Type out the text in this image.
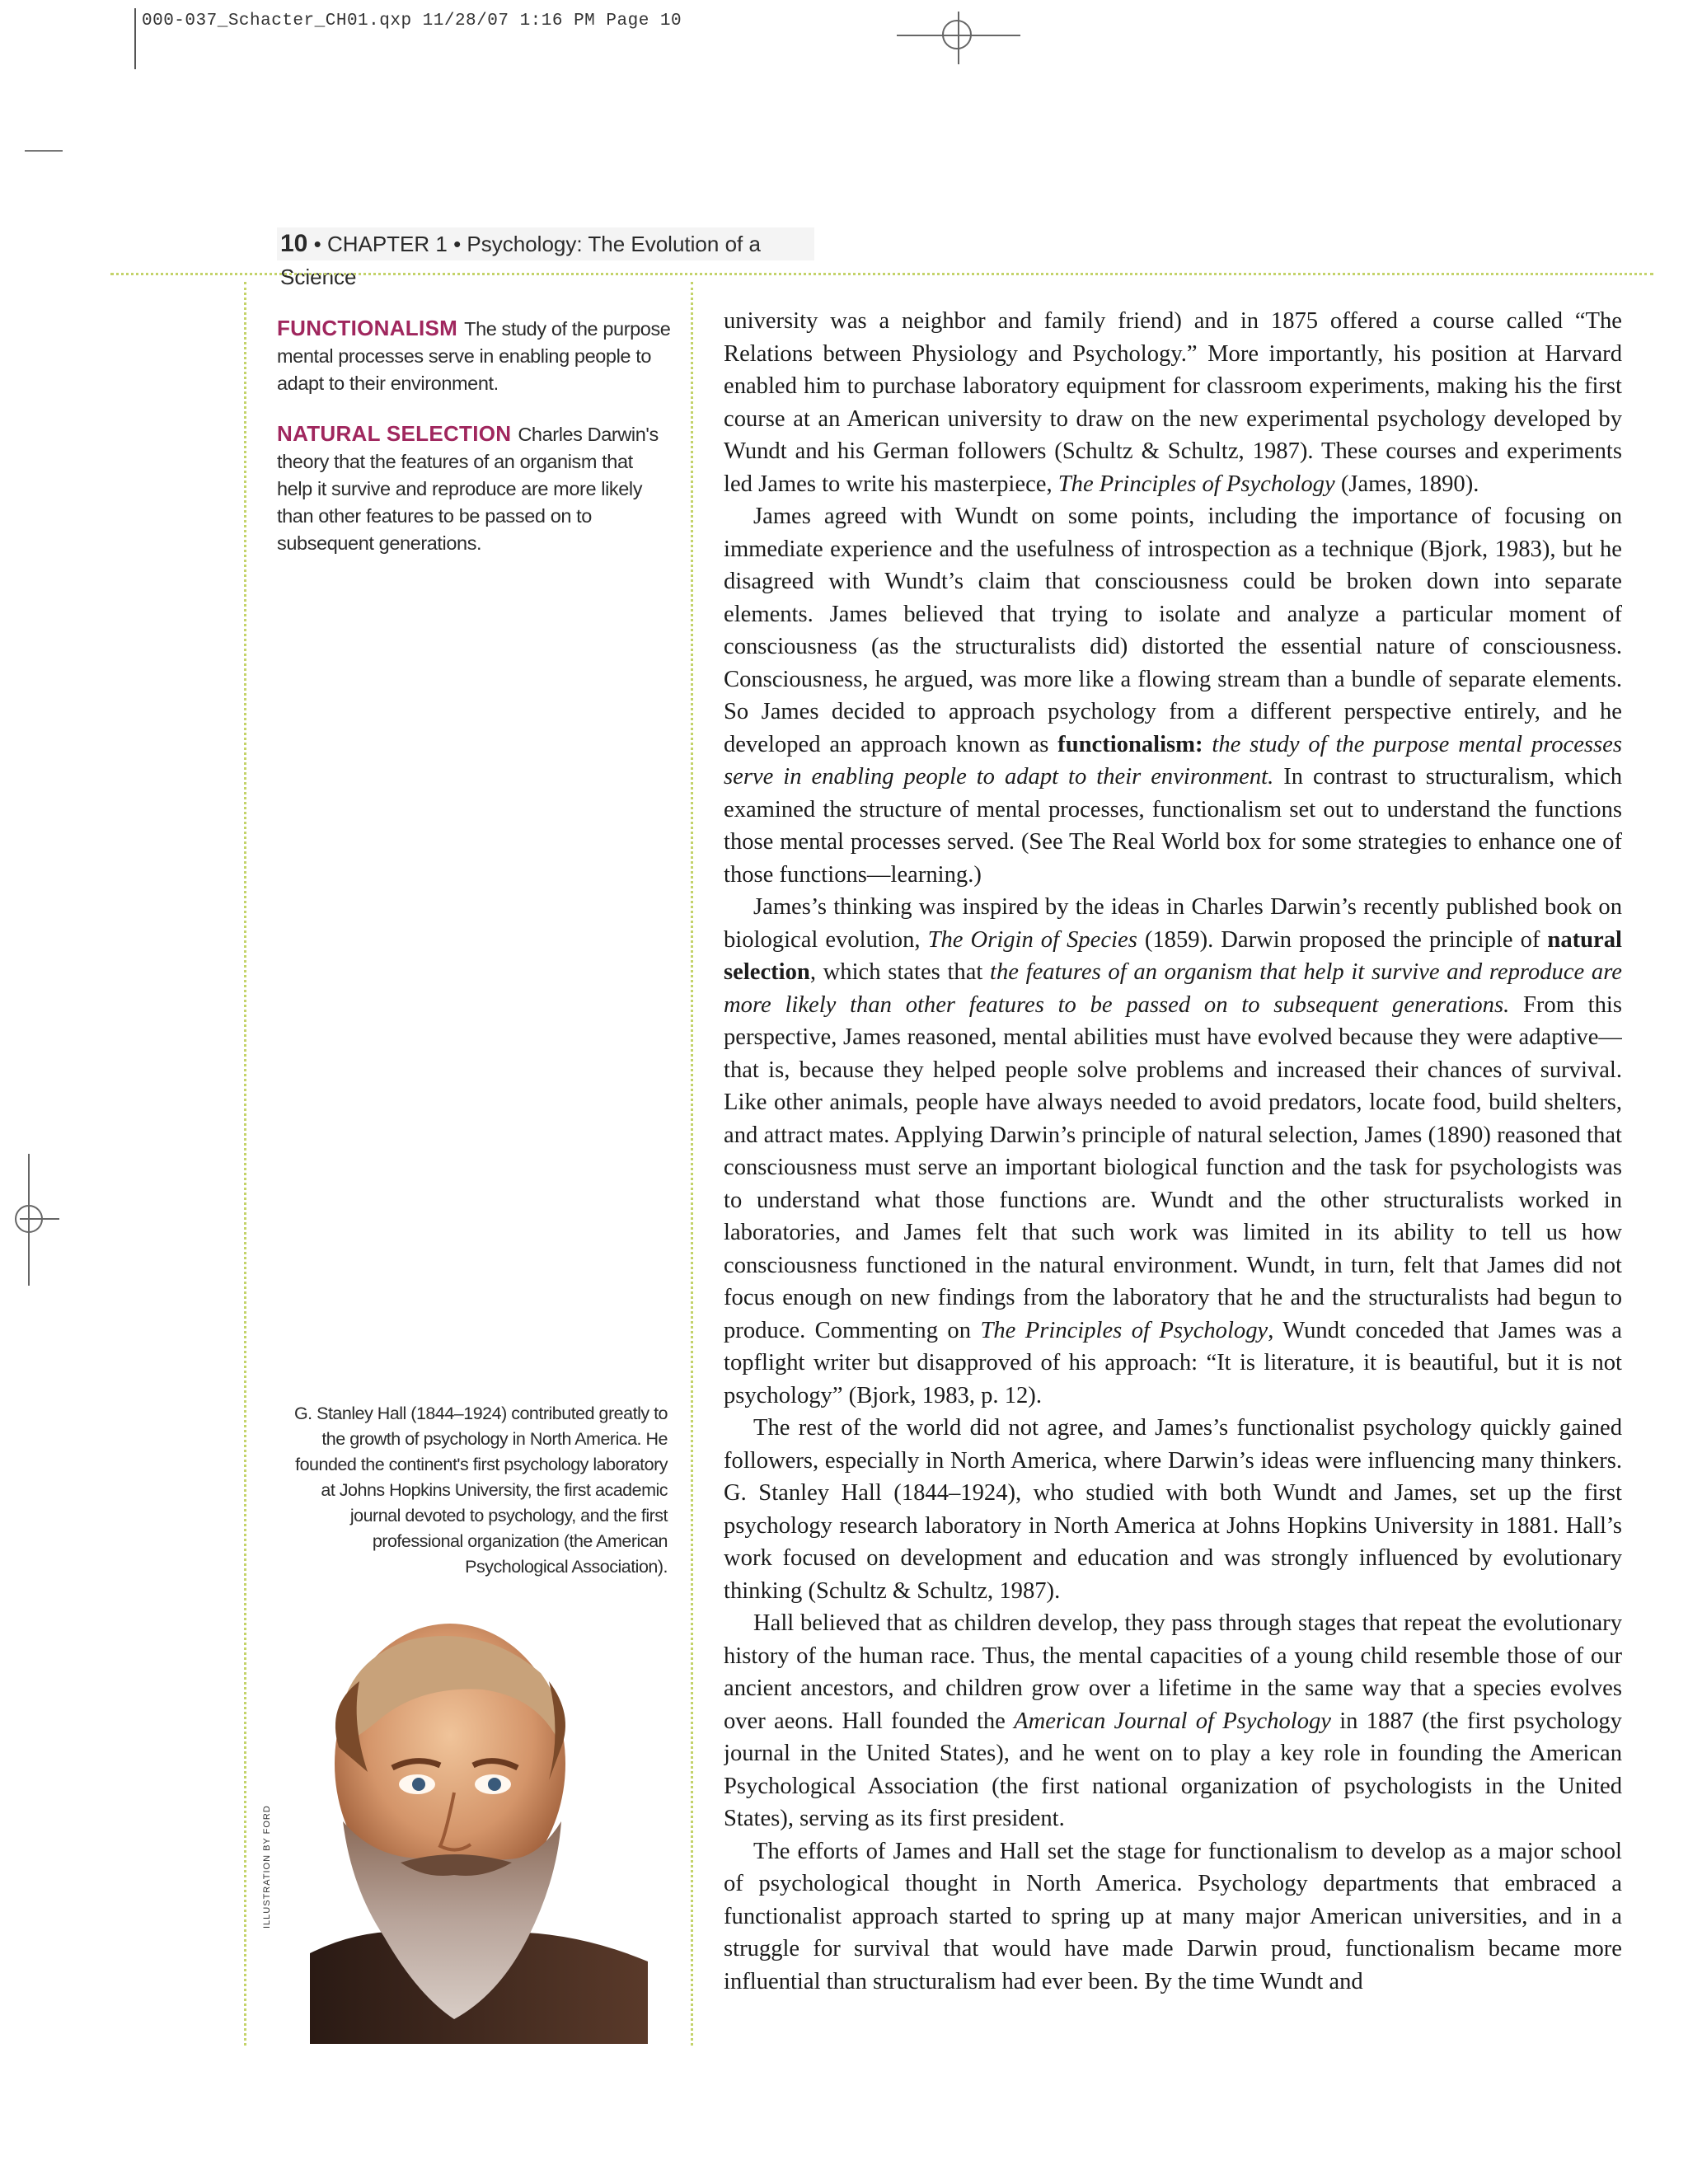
000-037_Schacter_CH01.qxp 11/28/07 1:16 PM Page 10
10 • CHAPTER 1 • Psychology: The Evolution of a Science

FUNCTIONALISM The study of the purpose mental processes serve in enabling people to adapt to their environment.

NATURAL SELECTION Charles Darwin's theory that the features of an organism that help it survive and reproduce are more likely than other features to be passed on to subsequent generations.

G. Stanley Hall (1844–1924) contributed greatly to the growth of psychology in North America. He founded the continent's first psychology laboratory at Johns Hopkins University, the first academic journal devoted to psychology, and the first professional organization (the American Psychological Association).
ILLUSTRATION BY FORD

university was a neighbor and family friend) and in 1875 offered a course called “The Relations between Physiology and Psychology.” More importantly, his position at Harvard enabled him to purchase laboratory equipment for classroom experiments, making his the first course at an American university to draw on the new experimental psychology developed by Wundt and his German followers (Schultz & Schultz, 1987). These courses and experiments led James to write his masterpiece, The Principles of Psychology (James, 1890).

James agreed with Wundt on some points, including the importance of focusing on immediate experience and the usefulness of introspection as a technique (Bjork, 1983), but he disagreed with Wundt’s claim that consciousness could be broken down into separate elements. James believed that trying to isolate and analyze a particular moment of consciousness (as the structuralists did) distorted the essential nature of consciousness. Consciousness, he argued, was more like a flowing stream than a bundle of separate elements. So James decided to approach psychology from a different perspective entirely, and he developed an approach known as functionalism: the study of the purpose mental processes serve in enabling people to adapt to their environment. In contrast to structuralism, which examined the structure of mental processes, functionalism set out to understand the functions those mental processes served. (See The Real World box for some strategies to enhance one of those functions—learning.)

James’s thinking was inspired by the ideas in Charles Darwin’s recently published book on biological evolution, The Origin of Species (1859). Darwin proposed the principle of natural selection, which states that the features of an organism that help it survive and reproduce are more likely than other features to be passed on to subsequent generations. From this perspective, James reasoned, mental abilities must have evolved because they were adaptive—that is, because they helped people solve problems and increased their chances of survival. Like other animals, people have always needed to avoid predators, locate food, build shelters, and attract mates. Applying Darwin’s principle of natural selection, James (1890) reasoned that consciousness must serve an important biological function and the task for psychologists was to understand what those functions are. Wundt and the other structuralists worked in laboratories, and James felt that such work was limited in its ability to tell us how consciousness functioned in the natural environment. Wundt, in turn, felt that James did not focus enough on new findings from the laboratory that he and the structuralists had begun to produce. Commenting on The Principles of Psychology, Wundt conceded that James was a topflight writer but disapproved of his approach: “It is literature, it is beautiful, but it is not psychology” (Bjork, 1983, p. 12).

The rest of the world did not agree, and James’s functionalist psychology quickly gained followers, especially in North America, where Darwin’s ideas were influencing many thinkers. G. Stanley Hall (1844–1924), who studied with both Wundt and James, set up the first psychology research laboratory in North America at Johns Hopkins University in 1881. Hall’s work focused on development and education and was strongly influenced by evolutionary thinking (Schultz & Schultz, 1987).

Hall believed that as children develop, they pass through stages that repeat the evolutionary history of the human race. Thus, the mental capacities of a young child resemble those of our ancient ancestors, and children grow over a lifetime in the same way that a species evolves over aeons. Hall founded the American Journal of Psychology in 1887 (the first psychology journal in the United States), and he went on to play a key role in founding the American Psychological Association (the first national organization of psychologists in the United States), serving as its first president.

The efforts of James and Hall set the stage for functionalism to develop as a major school of psychological thought in North America. Psychology departments that embraced a functionalist approach started to spring up at many major American universities, and in a struggle for survival that would have made Darwin proud, functionalism became more influential than structuralism had ever been. By the time Wundt and
